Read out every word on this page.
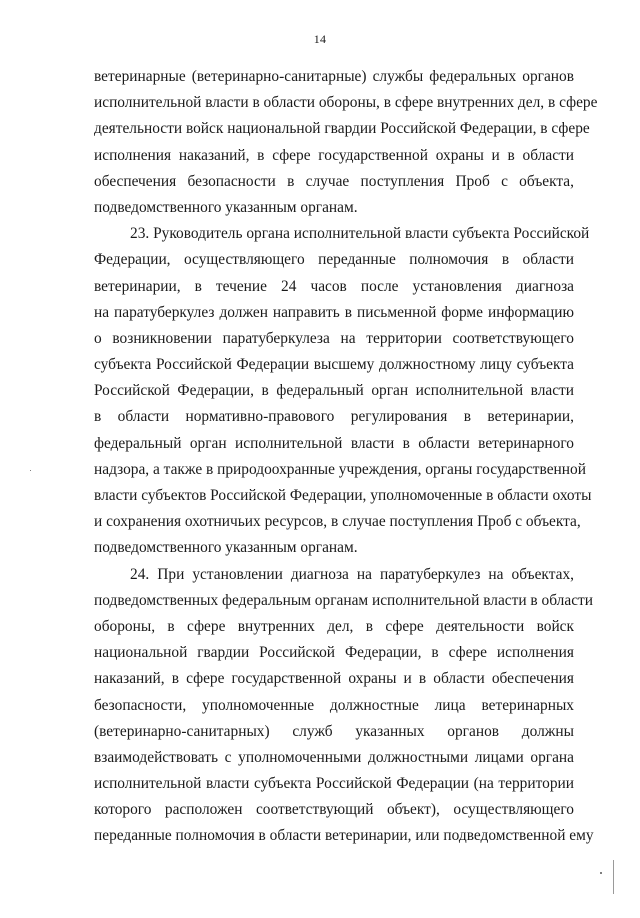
14
ветеринарные (ветеринарно-санитарные) службы федеральных органов
исполнительной власти в области обороны, в сфере внутренних дел, в сфере
деятельности войск национальной гвардии Российской Федерации, в сфере
исполнения наказаний, в сфере государственной охраны и в области
обеспечения безопасности в случае поступления Проб с объекта,
подведомственного указанным органам.
23. Руководитель органа исполнительной власти субъекта Российской
Федерации, осуществляющего переданные полномочия в области
ветеринарии, в течение 24 часов после установления диагноза
на паратуберкулез должен направить в письменной форме информацию
о возникновении паратуберкулеза на территории соответствующего
субъекта Российской Федерации высшему должностному лицу субъекта
Российской Федерации, в федеральный орган исполнительной власти
в области нормативно-правового регулирования в ветеринарии,
федеральный орган исполнительной власти в области ветеринарного
надзора, а также в природоохранные учреждения, органы государственной
власти субъектов Российской Федерации, уполномоченные в области охоты
и сохранения охотничьих ресурсов, в случае поступления Проб с объекта,
подведомственного указанным органам.
24. При установлении диагноза на паратуберкулез на объектах,
подведомственных федеральным органам исполнительной власти в области
обороны, в сфере внутренних дел, в сфере деятельности войск
национальной гвардии Российской Федерации, в сфере исполнения
наказаний, в сфере государственной охраны и в области обеспечения
безопасности, уполномоченные должностные лица ветеринарных
(ветеринарно-санитарных) служб указанных органов должны
взаимодействовать с уполномоченными должностными лицами органа
исполнительной власти субъекта Российской Федерации (на территории
которого расположен соответствующий объект), осуществляющего
переданные полномочия в области ветеринарии, или подведомственной ему
